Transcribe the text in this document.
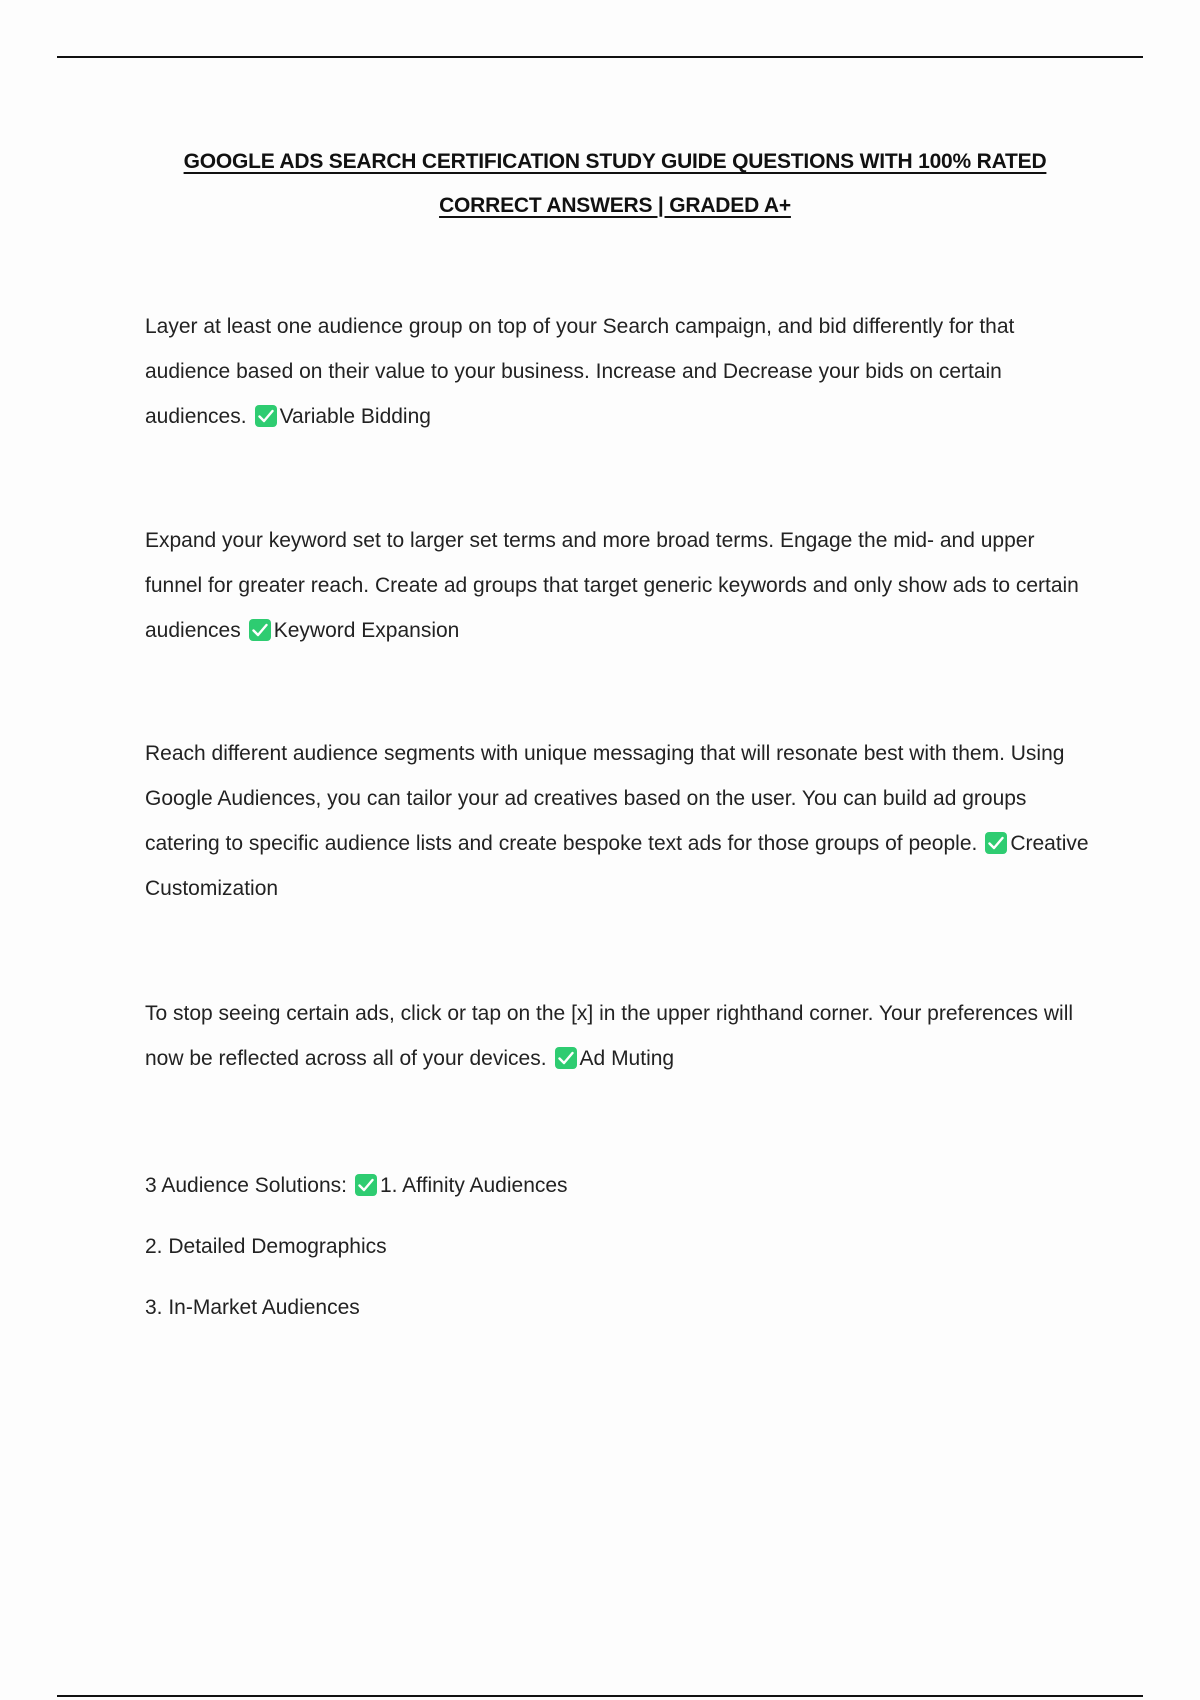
GOOGLE ADS SEARCH CERTIFICATION STUDY GUIDE QUESTIONS WITH 100% RATED CORRECT ANSWERS | GRADED A+

Layer at least one audience group on top of your Search campaign, and bid differently for that audience based on their value to your business. Increase and Decrease your bids on certain audiences. Variable Bidding

Expand your keyword set to larger set terms and more broad terms. Engage the mid- and upper funnel for greater reach. Create ad groups that target generic keywords and only show ads to certain audiences Keyword Expansion

Reach different audience segments with unique messaging that will resonate best with them. Using Google Audiences, you can tailor your ad creatives based on the user. You can build ad groups catering to specific audience lists and create bespoke text ads for those groups of people. Creative Customization

To stop seeing certain ads, click or tap on the [x] in the upper righthand corner. Your preferences will now be reflected across all of your devices. Ad Muting

3 Audience Solutions: 1. Affinity Audiences

2. Detailed Demographics

3. In-Market Audiences
